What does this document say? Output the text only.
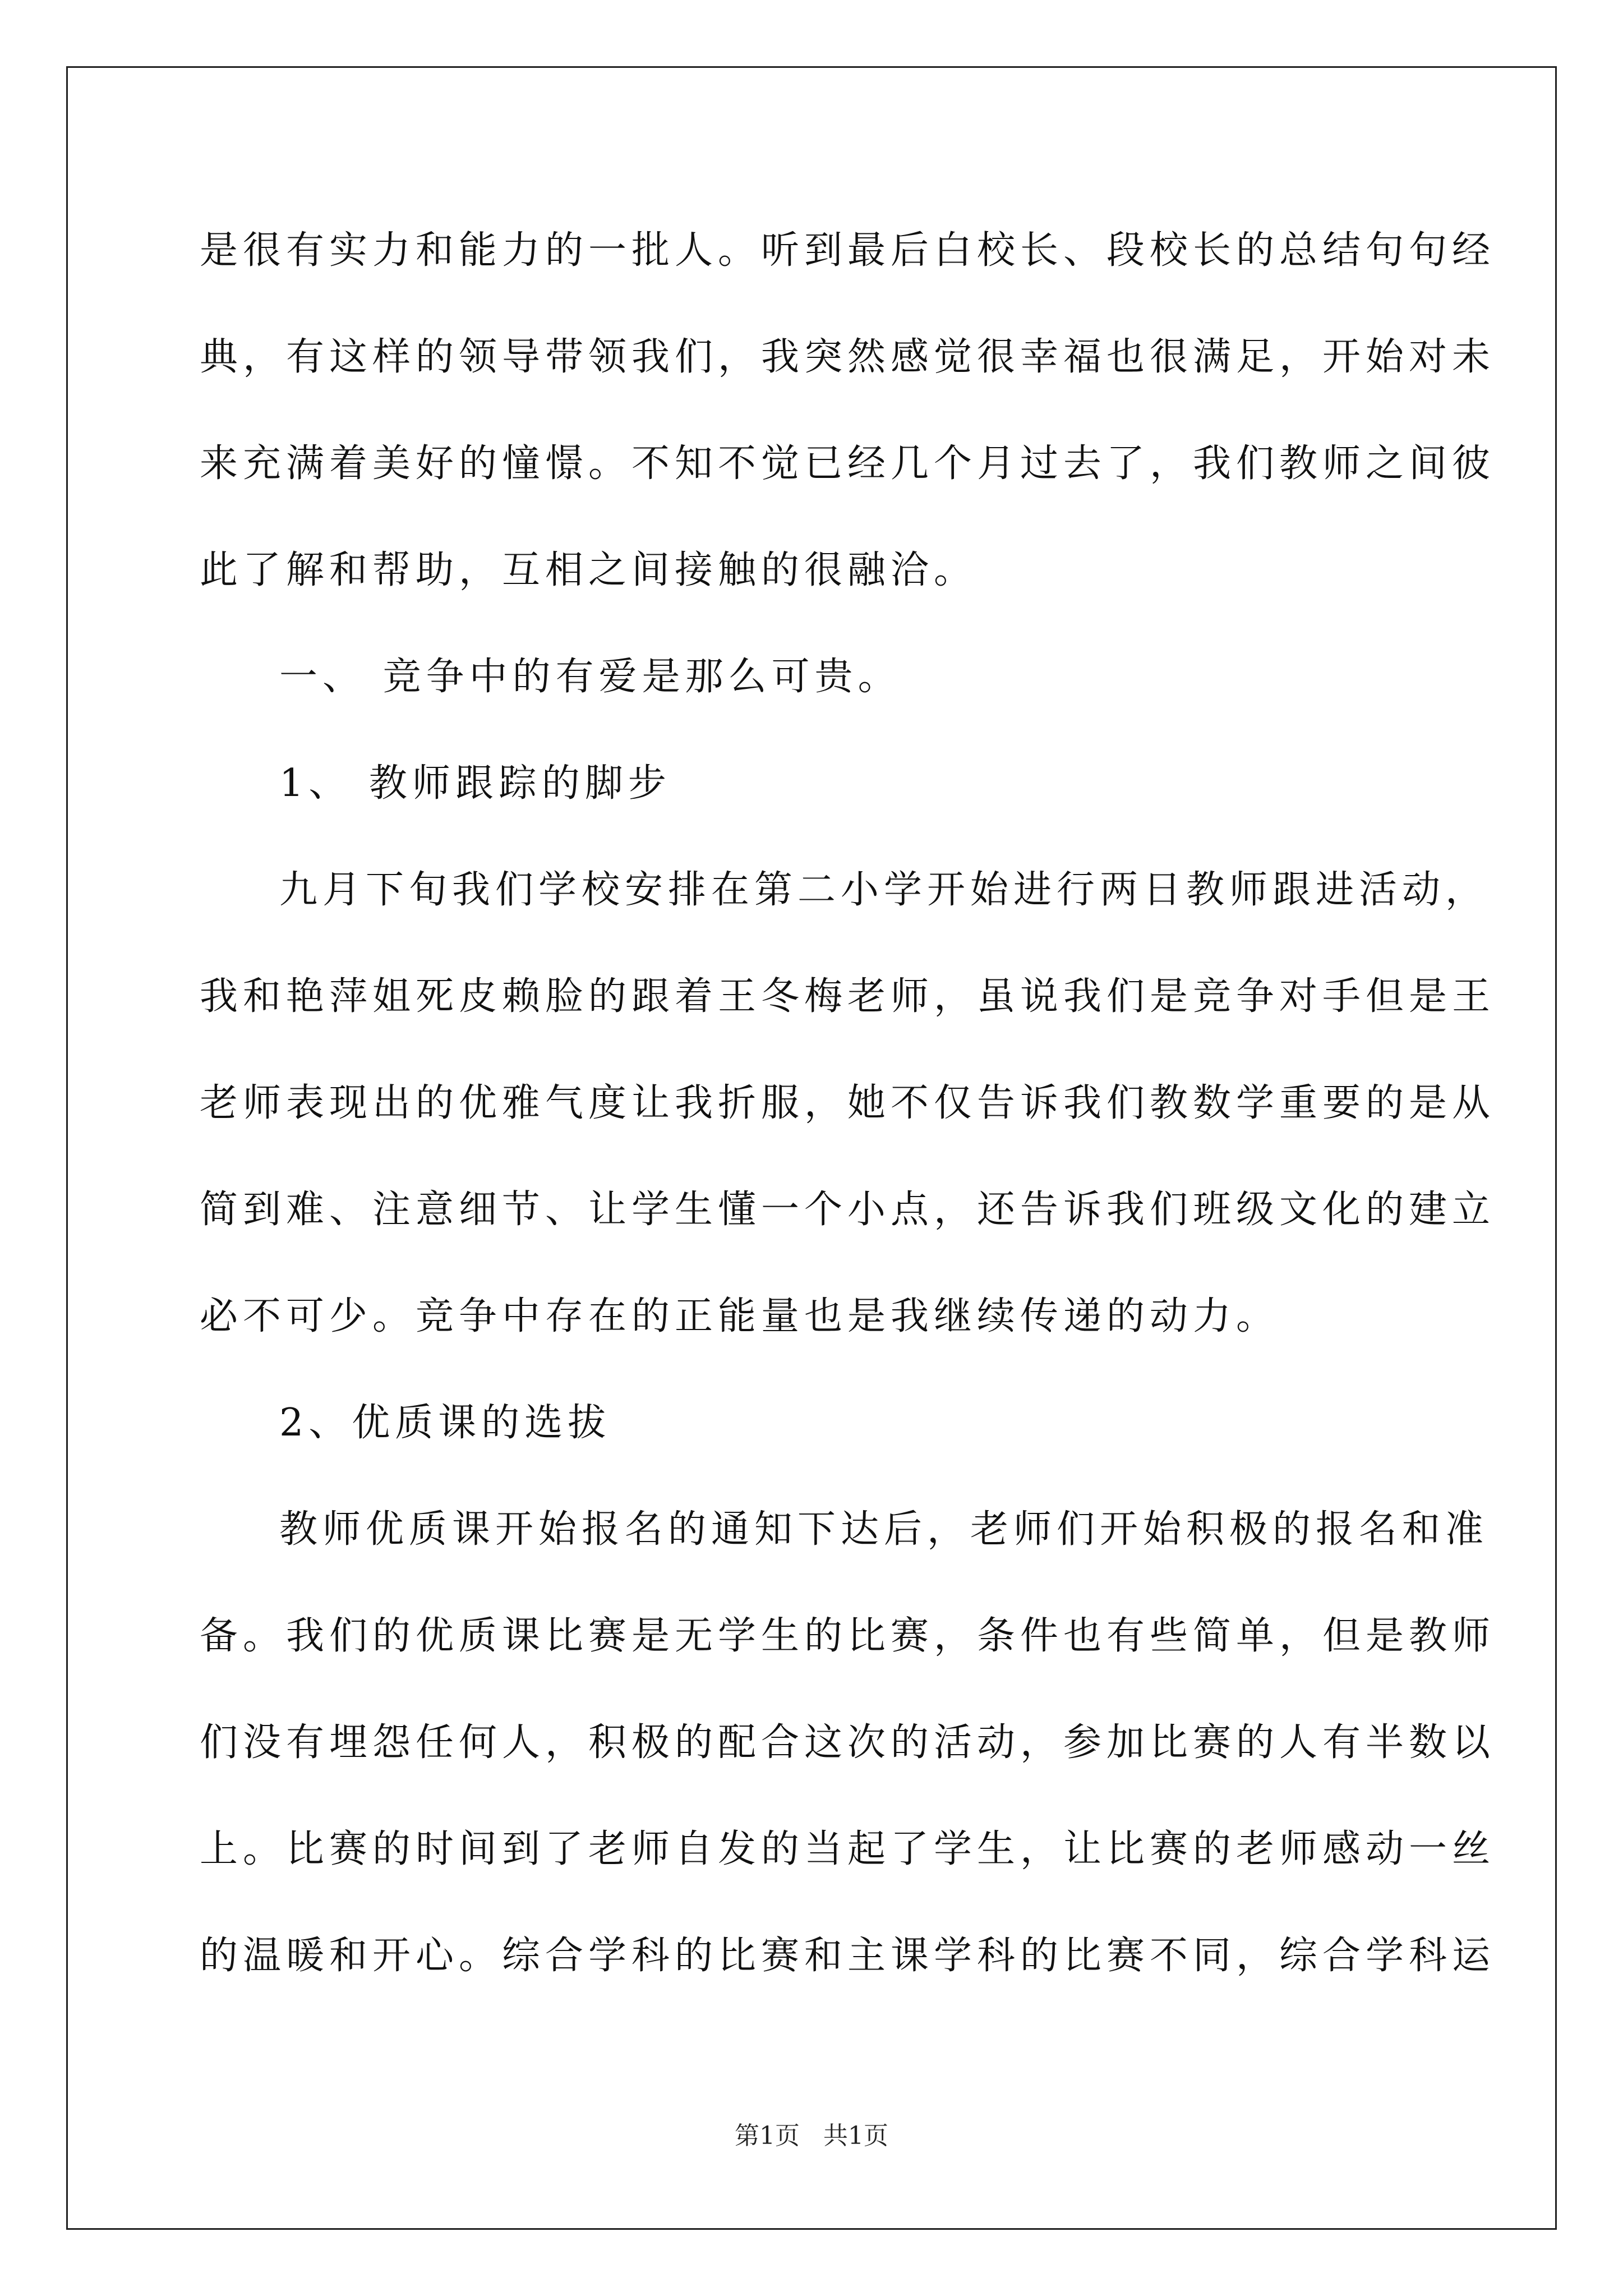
是很有实力和能力的一批人。听到最后白校长、段校长的总结句句经
典，有这样的领导带领我们，我突然感觉很幸福也很满足，开始对未
来充满着美好的憧憬。不知不觉已经几个月过去了，我们教师之间彼
此了解和帮助，互相之间接触的很融洽。
一、 竞争中的有爱是那么可贵。
1、 教师跟踪的脚步
九月下旬我们学校安排在第二小学开始进行两日教师跟进活动，
我和艳萍姐死皮赖脸的跟着王冬梅老师，虽说我们是竞争对手但是王
老师表现出的优雅气度让我折服，她不仅告诉我们教数学重要的是从
简到难、注意细节、让学生懂一个小点，还告诉我们班级文化的建立
必不可少。竞争中存在的正能量也是我继续传递的动力。
2、优质课的选拔
教师优质课开始报名的通知下达后，老师们开始积极的报名和准
备。我们的优质课比赛是无学生的比赛，条件也有些简单，但是教师
们没有埋怨任何人，积极的配合这次的活动，参加比赛的人有半数以
上。比赛的时间到了老师自发的当起了学生，让比赛的老师感动一丝
的温暖和开心。综合学科的比赛和主课学科的比赛不同，综合学科运
第1页   共1页
